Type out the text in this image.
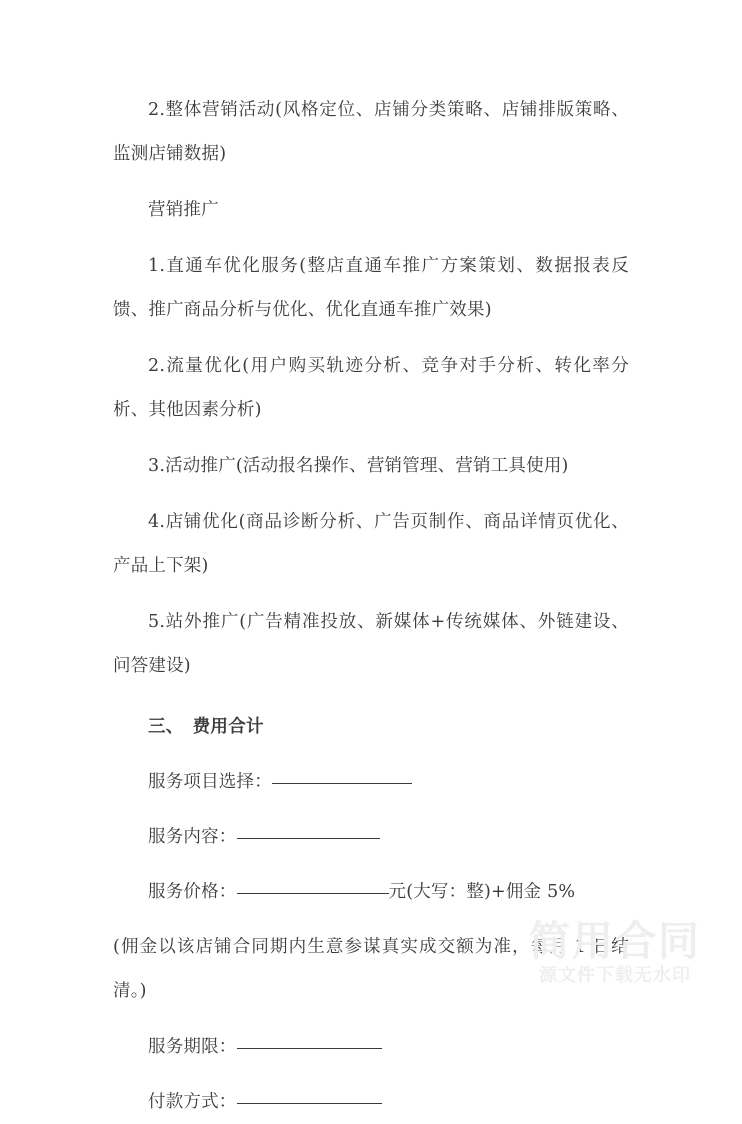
2.整体营销活动(风格定位、店铺分类策略、店铺排版策略、监测店铺数据)

营销推广

1.直通车优化服务(整店直通车推广方案策划、数据报表反馈、推广商品分析与优化、优化直通车推广效果)

2.流量优化(用户购买轨迹分析、竞争对手分析、转化率分析、其他因素分析)

3.活动推广(活动报名操作、营销管理、营销工具使用)

4.店铺优化(商品诊断分析、广告页制作、商品详情页优化、产品上下架)

5.站外推广(广告精准投放、新媒体+传统媒体、外链建设、问答建设)

三、 费用合计

服务项目选择：

服务内容：

服务价格：	元(大写：整)+佣金 5%

(佣金以该店铺合同期内生意参谋真实成交额为准，每月 1 日结清。)

服务期限：

付款方式：

简用合同
源文件下载无水印
